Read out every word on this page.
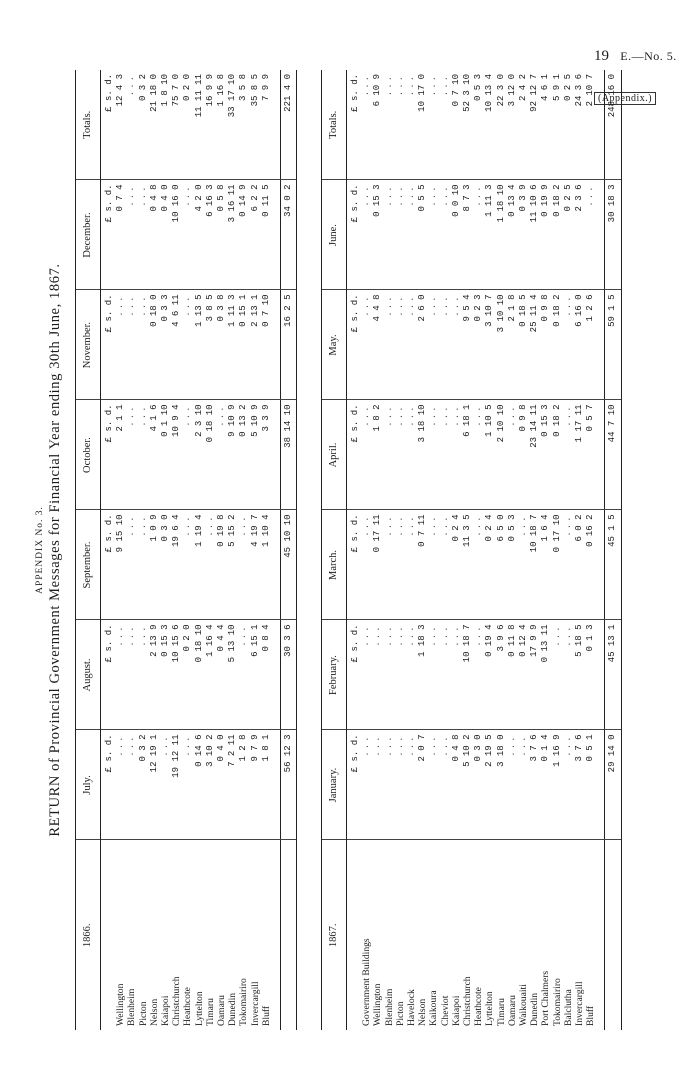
19 E.—No. 5.
(Appendix.)
APPENDIX No. 3. RETURN of Provincial Government Messages for Financial Year ending 30th June, 1867.
1866.	July.	August.	September.	October.	November.	December.	Totals.
	£ s. d.	£ s. d.	£ s. d.	£ s. d.	£ s. d.	£ s. d.	£ s. d.
Wellington	...	...	9 15 10	2 1 1	...	0 7 4	12 4 3
Blenheim	...	...	...	...	...	...	...
Picton	0 3 2	...	...	...	...	...	0 3 2
Nelson	12 19 1	2 13 9	1 0 9	4 1 6	0 18 0	0 4 8	21 18 0
Kaiapoi	...	0 15 3	0 3 0	0 1 10	0 3 3	0 4 0	1 8 10
Christchurch	19 12 11	10 15 6	19 6 4	10 9 4	4 6 11	10 16 0	75 7 0
Heathcote	...	0 2 0	...	...	...	...	0 2 0
Lyttelton	0 14 6	0 18 10	1 19 4	2 3 10	1 13 5	4 2 0	11 11 11
Timaru	3 10 2	1 16 4	...	0 18 10	3 8 5	6 16 3	16 9 9
Oamaru	0 4 0	0 4 4	0 19 8	...	0 3 8	0 5 8	1 16 8
Dunedin	7 2 11	5 13 10	5 15 2	9 10 9	1 11 3	3 16 11	33 17 10
Tokomairiro	1 2 8	...	...	0 13 2	0 15 1	0 14 9	3 5 8
Invercargill	9 7 9	6 15 1	4 19 7	5 10 9	2 13 1	6 2 2	35 8 5
Bluff	1 8 1	0 8 4	1 10 4	3 3 9	0 7 10	0 11 5	7 9 9

	56 12 3	30 3 6	45 10 10	38 14 10	16 2 5	34 0 2	221 4 0
1867.	January.	February.	March.	April.	May.	June.	Totals.
	£ s. d.	£ s. d.	£ s. d.	£ s. d.	£ s. d.	£ s. d.	£ s. d.
Government Buildings	...	...	...	...	...	...	...
Wellington	...	...	0 17 11	1 8 2	4 4 8	0 15 3	6 10 9
Blenheim	...	...	...	...	...	...	...
Picton	...	...	...	...	...	...	...
Havelock	...	...	...	...	...	...	...
Nelson	2 0 7	1 18 3	0 7 11	3 18 10	2 6 0	0 5 5	10 17 0
Kaikoura	...	...	...	...	...	...	...
Cheviot	...	...	...	...	...	...	...
Kaiapoi	0 4 8	...	0 2 4	...	...	0 0 10	0 7 10
Christchurch	5 10 2	10 18 7	11 3 5	6 18 1	9 5 4	8 7 3	52 3 10
Heathcote	0 3 0	...	...	...	0 2 3	...	0 5 3
Lyttelton	2 19 5	0 19 4	0 2 4	1 10 5	3 10 7	1 11 3	10 13 4
Timaru	3 18 0	3 9 6	6 5 0	2 10 10	3 10 10	1 18 10	22 3 0
Oamaru	...	0 11 8	0 5 3	...	2 1 8	0 13 4	3 12 0
Waikouaiti	...	0 12 4	...	0 9 8	0 18 5	0 3 9	2 4 2
Dunedin	3 7 6	17 9 9	10 18 7	23 14 11	25 11 4	11 10 6	92 12 7
Port Chalmers	0 1 4	0 13 11	1 6 4	0 15 3	0 9 8	0 19 9	4 6 1
Tokomairiro	1 16 9	...	0 17 10	0 18 2	0 18 2	0 18 2	5 9 1
Balclutha	...	...	...	...	...	0 2 5	0 2 5
Invercargill	3 7 6	5 18 5	6 0 2	1 17 11	6 16 0	2 3 6	24 3 6
Bluff	0 5 1	0 1 3	0 16 2	0 5 7	1 2 6	...	2 10 7

	29 14 0	45 13 1	45 1 5	44 7 10	59 1 5	30 18 3	248 16 0
